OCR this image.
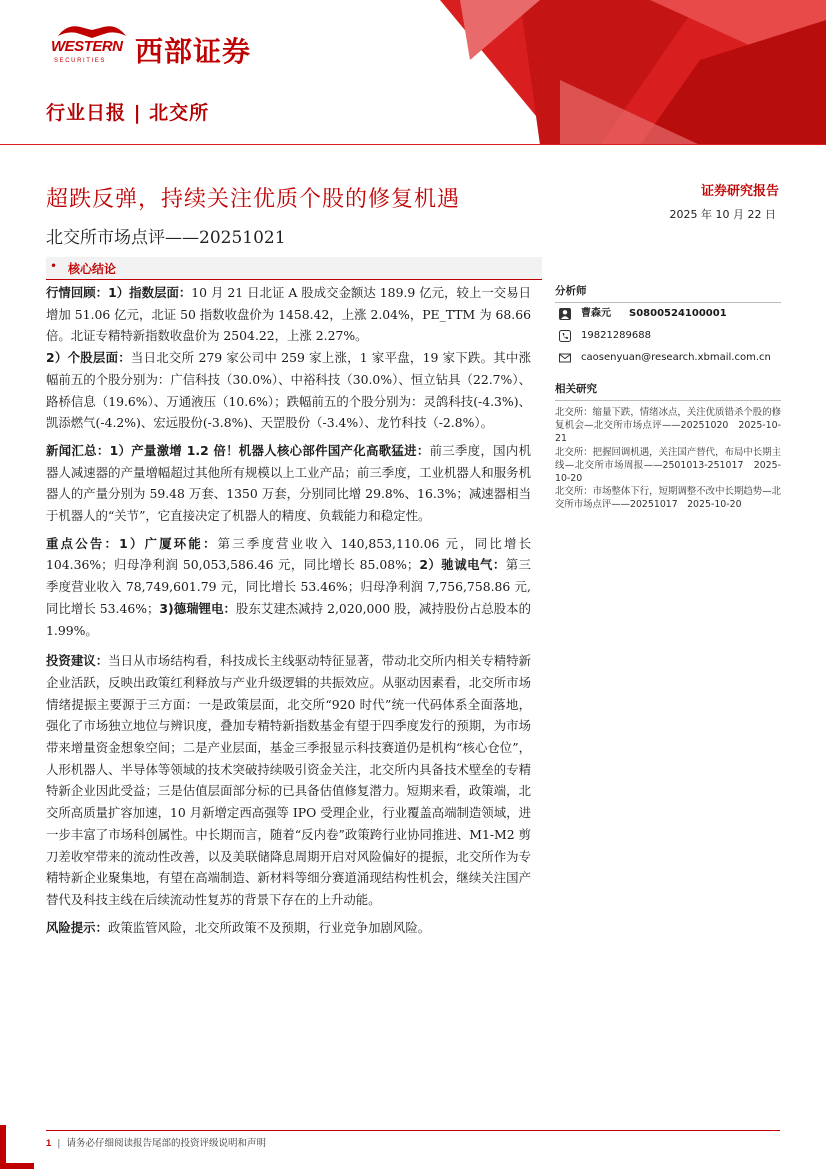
WESTERN
SECURITIES 西部证券
行业日报 | 北交所
超跌反弹，持续关注优质个股的修复机遇
北交所市场点评——20251021
证券研究报告
2025 年 10 月 22 日
• 核心结论

行情回顾：1）指数层面：10 月 21 日北证 A 股成交金额达 189.9 亿元，较上一交易日增加 51.06 亿元，北证 50 指数收盘价为 1458.42，上涨 2.04%，PE_TTM 为 68.66 倍。北证专精特新指数收盘价为 2504.22，上涨 2.27%。

2）个股层面：当日北交所 279 家公司中 259 家上涨，1 家平盘，19 家下跌。其中涨幅前五的个股分别为：广信科技（30.0%）、中裕科技（30.0%）、恒立钻具（22.7%）、路桥信息（19.6%）、万通液压（10.6%）；跌幅前五的个股分别为：灵鸽科技(-4.3%)、凯添燃气(-4.2%)、宏远股份(-3.8%)、天罡股份（-3.4%）、龙竹科技（-2.8%）。

新闻汇总：1）产量激增 1.2 倍！机器人核心部件国产化高歌猛进：前三季度，国内机器人减速器的产量增幅超过其他所有规模以上工业产品；前三季度，工业机器人和服务机器人的产量分别为 59.48 万套、1350 万套，分别同比增 29.8%、16.3%；减速器相当于机器人的“关节”，它直接决定了机器人的精度、负载能力和稳定性。

重点公告：1）广厦环能：第三季度营业收入 140,853,110.06 元，同比增长 104.36%；归母净利润 50,053,586.46 元，同比增长 85.08%；2）驰诚电气：第三季度营业收入 78,749,601.79 元，同比增长 53.46%；归母净利润 7,756,758.86 元,同比增长 53.46%；3)德瑞锂电：股东艾建杰减持 2,020,000 股，减持股份占总股本的 1.99%。

投资建议：当日从市场结构看，科技成长主线驱动特征显著，带动北交所内相关专精特新企业活跃，反映出政策红利释放与产业升级逻辑的共振效应。从驱动因素看，北交所市场情绪提振主要源于三方面：一是政策层面，北交所“920 时代”统一代码体系全面落地，强化了市场独立地位与辨识度，叠加专精特新指数基金有望于四季度发行的预期，为市场带来增量资金想象空间；二是产业层面，基金三季报显示科技赛道仍是机构“核心仓位”，人形机器人、半导体等领域的技术突破持续吸引资金关注，北交所内具备技术壁垒的专精特新企业因此受益；三是估值层面部分标的已具备估值修复潜力。短期来看，政策端，北交所高质量扩容加速，10 月新增定西高强等 IPO 受理企业，行业覆盖高端制造领域，进一步丰富了市场科创属性。中长期而言，随着“反内卷”政策跨行业协同推进、M1-M2 剪刀差收窄带来的流动性改善，以及美联储降息周期开启对风险偏好的提振，北交所作为专精特新企业聚集地，有望在高端制造、新材料等细分赛道涌现结构性机会，继续关注国产替代及科技主线在后续流动性复苏的背景下存在的上升动能。

风险提示：政策监管风险，北交所政策不及预期，行业竞争加剧风险。

分析师
曹森元 S0800524100001
19821289688
caosenyuan@research.xbmail.com.cn
相关研究
北交所：缩量下跌，情绪冰点，关注优质错杀个股的修复机会—北交所市场点评——20251020　2025-10-21
北交所：把握回调机遇，关注国产替代，布局中长期主线—北交所市场周报——2501013-251017　2025-10-20
北交所：市场整体下行，短期调整不改中长期趋势—北交所市场点评——20251017　2025-10-20
1 | 请务必仔细阅读报告尾部的投资评级说明和声明
